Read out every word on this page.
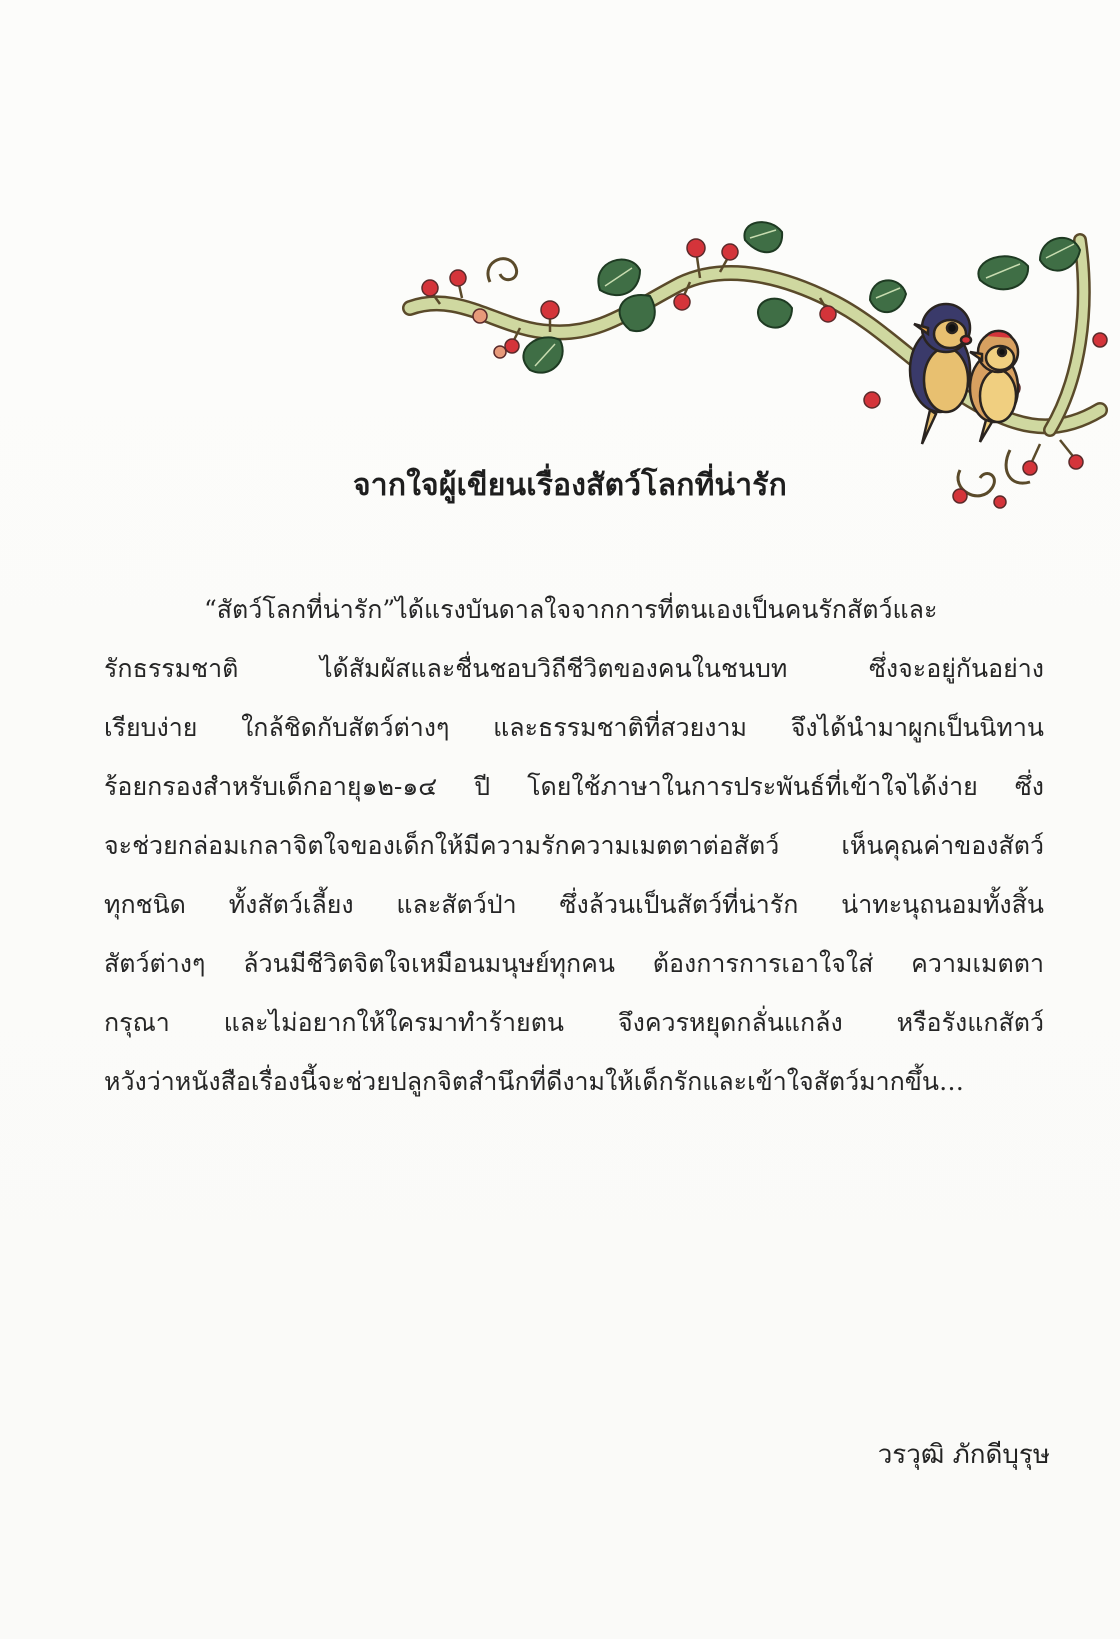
จากใจผู้เขียนเรื่องสัตว์โลกที่น่ารัก
“สัตว์โลกที่น่ารัก”ได้แรงบันดาลใจจากการที่ตนเองเป็นคนรักสัตว์และ
รักธรรมชาติ ได้สัมผัสและชื่นชอบวิถีชีวิตของคนในชนบท ซึ่งจะอยู่กันอย่าง
เรียบง่าย ใกล้ชิดกับสัตว์ต่างๆ และธรรมชาติที่สวยงาม จึงได้นำมาผูกเป็นนิทาน
ร้อยกรองสำหรับเด็กอายุ๑๒-๑๔ ปี โดยใช้ภาษาในการประพันธ์ที่เข้าใจได้ง่าย ซึ่ง
จะช่วยกล่อมเกลาจิตใจของเด็กให้มีความรักความเมตตาต่อสัตว์ เห็นคุณค่าของสัตว์
ทุกชนิด ทั้งสัตว์เลี้ยง และสัตว์ป่า ซึ่งล้วนเป็นสัตว์ที่น่ารัก น่าทะนุถนอมทั้งสิ้น
สัตว์ต่างๆ ล้วนมีชีวิตจิตใจเหมือนมนุษย์ทุกคน ต้องการการเอาใจใส่ ความเมตตา
กรุณา และไม่อยากให้ใครมาทำร้ายตน จึงควรหยุดกลั่นแกล้ง หรือรังแกสัตว์
หวังว่าหนังสือเรื่องนี้จะช่วยปลูกจิตสำนึกที่ดีงามให้เด็กรักและเข้าใจสัตว์มากขึ้น…
วรวุฒิ ภักดีบุรุษ
